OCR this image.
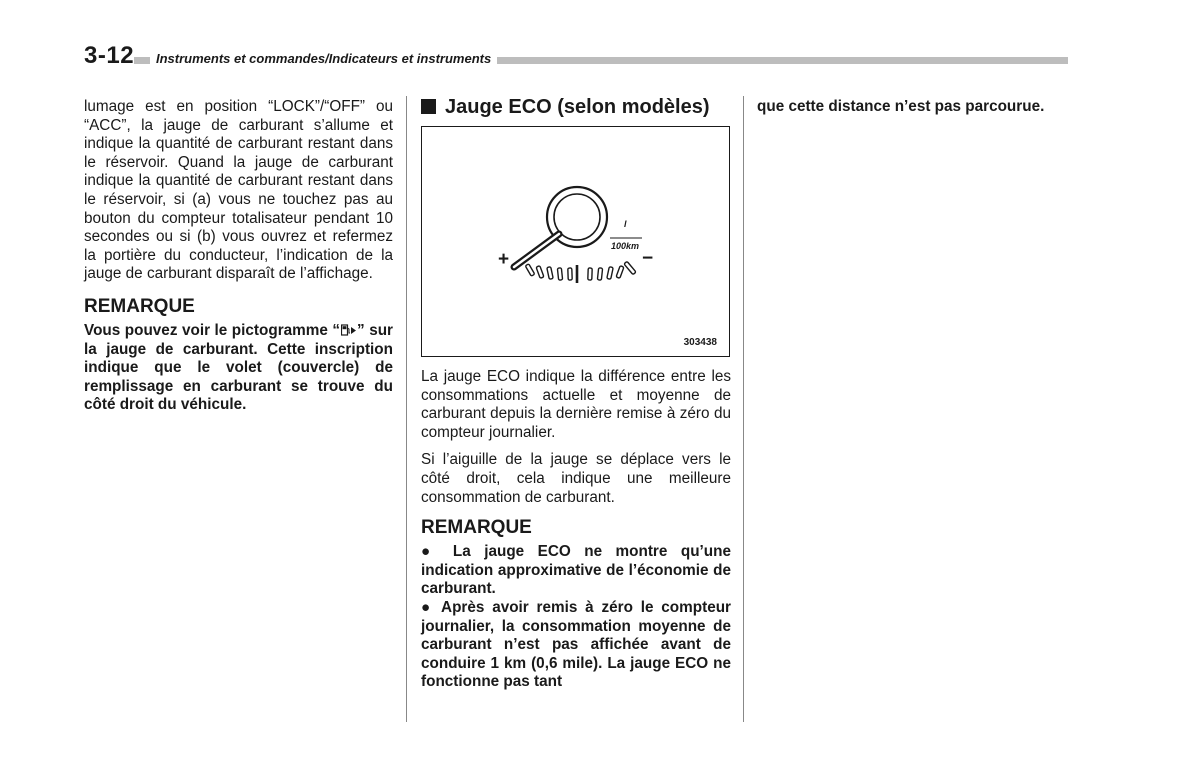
3-12	Instruments et commandes/Indicateurs et instruments

lumage est en position “LOCK”/“OFF” ou “ACC”, la jauge de carburant s’allume et indique la quantité de carburant restant dans le réservoir. Quand la jauge de carburant indique la quantité de carburant restant dans le réservoir, si (a) vous ne touchez pas au bouton du compteur totalisateur pendant 10 secondes ou si (b) vous ouvrez et refermez la portière du conducteur, l’indication de la jauge de carburant disparaît de l’affichage.

REMARQUE

Vous pouvez voir le pictogramme “ ” sur la jauge de carburant. Cette inscription indique que le volet (couvercle) de remplissage en carburant se trouve du côté droit du véhicule.

Jauge ECO (selon modèles)
+	−
l
100km
303438

La jauge ECO indique la différence entre les consommations actuelle et moyenne de carburant depuis la dernière remise à zéro du compteur journalier.

Si l’aiguille de la jauge se déplace vers le côté droit, cela indique une meilleure consommation de carburant.

REMARQUE

● La jauge ECO ne montre qu’une indication approximative de l’économie de carburant.

● Après avoir remis à zéro le compteur journalier, la consommation moyenne de carburant n’est pas affichée avant de conduire 1 km (0,6 mile). La jauge ECO ne fonctionne pas tant

que cette distance n’est pas parcourue.
